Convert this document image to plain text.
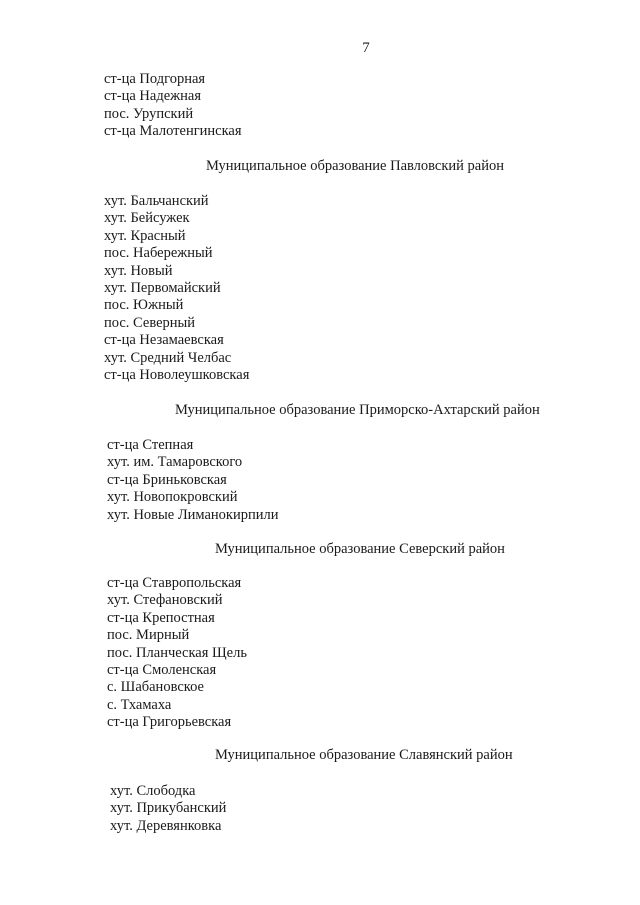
7
ст-ца Подгорная
ст-ца Надежная
пос. Урупский
ст-ца Малотенгинская
Муниципальное образование Павловский район
хут. Бальчанский
хут. Бейсужек
хут. Красный
пос. Набережный
хут. Новый
хут. Первомайский
пос. Южный
пос. Северный
ст-ца Незамаевская
хут. Средний Челбас
ст-ца Новолеушковская
Муниципальное образование Приморско-Ахтарский район
ст-ца Степная
хут. им. Тамаровского
ст-ца Бриньковская
хут. Новопокровский
хут. Новые Лиманокирпили
Муниципальное образование Северский район
ст-ца Ставропольская
хут. Стефановский
ст-ца Крепостная
пос. Мирный
пос. Планческая Щель
ст-ца Смоленская
с. Шабановское
с. Тхамаха
ст-ца Григорьевская
Муниципальное образование Славянский район
хут. Слободка
хут. Прикубанский
хут. Деревянковка
